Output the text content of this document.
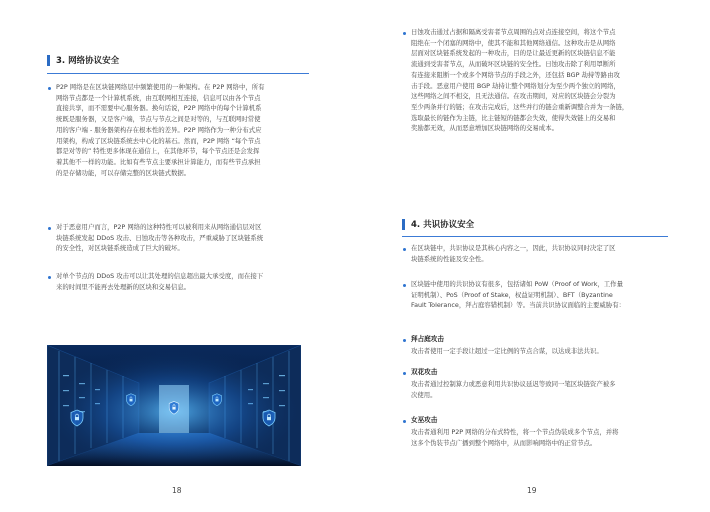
3. 网络协议安全
P2P 网络是在区块链网络层中频繁使用的一种架构。在 P2P 网络中，所有
网络节点都是一个计算机系统，由互联网相互连接，信息可以由各个节点
直接共享，而不需要中心服务器。换句话说，P2P 网络中的每个计算机系
统既是服务器，又是客户端，节点与节点之间是对等的，与互联网时常使
用的客户端 - 服务器架构存在根本性的差异。P2P 网络作为一种分布式应
用架构，构成了区块链系统去中心化的基石。然而，P2P 网络 “每个节点
都是对等的” 特性更多体现在通信上，在其他环节，每个节点还是会发挥
着其他不一样的功能。比如有些节点主要承担计算能力，而有些节点承担
的是存储功能，可以存储完整的区块链式数据。
对于恶意用户而言，P2P 网络的这种特性可以被利用来从网络通信层对区
块链系统发起 DDoS 攻击、日蚀攻击等各种攻击，严重威胁了区块链系统
的安全性，对区块链系统造成了巨大的破坏。
对单个节点的 DDoS 攻击可以让其处理的信息超出最大承受度，而在接下
来的时间里不能再去处理新的区块和交易信息。
18
日蚀攻击通过占据和隔离受害者节点周围的点对点连接空间，将这个节点
阻绝在一个闭塞的网络中，使其不能和其他网络通信。这种攻击是从网络
层面对区块链系统发起的一种攻击，目的是让最近更新的区块链信息不能
流通到受害者节点，从而破坏区块链的安全性。日蚀攻击除了利用罩断所
有连接来阻断一个或多个网络节点的手段之外，还包括 BGP 劫持等路由攻
击手段。恶意用户使用 BGP 劫持让整个网络划分为至少两个独立的网络，
这些网络之间不相交，且无法通信。在攻击期间，对应的区块链会分裂为
至少两条并行的链；在攻击完成后，这些并行的链会重新调整合并为一条链，
选取最长的链作为主链，比主链短的链都会失效，使得失效链上的交易和
奖励都无效，从而恶意增加区块链网络的交易成本。
4. 共识协议安全
在区块链中，共识协议是其核心内容之一，因此，共识协议同时决定了区
块链系统的性能及安全性。
区块链中使用的共识协议有很多，包括诸如 PoW（Proof of Work，工作量
证明机制）、PoS（Proof of Stake，权益证明机制）、BFT（Byzantine
Fault Tolerance，拜占庭容错机制）等。当前共识协议面临的主要威胁有：
拜占庭攻击
攻击者使用一定手段让超过一定比例的节点合谋，以达成非法共识。
双花攻击
攻击者通过控制算力或恶意利用共识协议延迟等致同一笔区块链资产被多
次使用。
女巫攻击
攻击者通利用 P2P 网络的分布式特性，将一个节点伪装成多个节点，并将
这多个伪装节点广播到整个网络中，从而影响网络中的正常节点。
19
